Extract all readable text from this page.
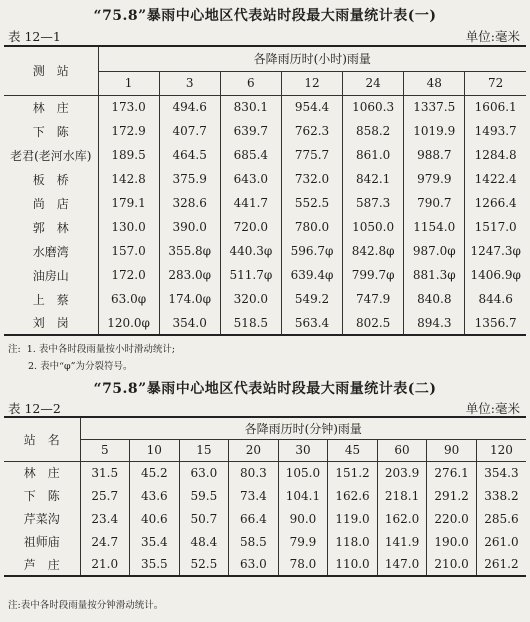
“75.8”暴雨中心地区代表站时段最大雨量统计表(一)
表 12—1	单位:毫米
测　站	各降雨历时(小时)雨量						
	1	3	6	12	24	48	72
林　庄	173.0	494.6	830.1	954.4	1060.3	1337.5	1606.1
下　陈	172.9	407.7	639.7	762.3	858.2	1019.9	1493.7
老君(老河水库)	189.5	464.5	685.4	775.7	861.0	988.7	1284.8
板　桥	142.8	375.9	643.0	732.0	842.1	979.9	1422.4
尚　店	179.1	328.6	441.7	552.5	587.3	790.7	1266.4
郭　林	130.0	390.0	720.0	780.0	1050.0	1154.0	1517.0
水磨湾	157.0	355.8φ	440.3φ	596.7φ	842.8φ	987.0φ	1247.3φ
油房山	172.0	283.0φ	511.7φ	639.4φ	799.7φ	881.3φ	1406.9φ
上　蔡	63.0φ	174.0φ	320.0	549.2	747.9	840.8	844.6
刘　岗	120.0φ	354.0	518.5	563.4	802.5	894.3	1356.7
注:  1. 表中各时段雨量按小时滑动统计;
2. 表中“φ”为分裂符号。
“75.8”暴雨中心地区代表站时段最大雨量统计表(二)
表 12—2	单位:毫米
站　名	各降雨历时(分钟)雨量								
	5	10	15	20	30	45	60	90	120
林　庄	31.5	45.2	63.0	80.3	105.0	151.2	203.9	276.1	354.3
下　陈	25.7	43.6	59.5	73.4	104.1	162.6	218.1	291.2	338.2
芹菜沟	23.4	40.6	50.7	66.4	90.0	119.0	162.0	220.0	285.6
祖师庙	24.7	35.4	48.4	58.5	79.9	118.0	141.9	190.0	261.0
芦　庄	21.0	35.5	52.5	63.0	78.0	110.0	147.0	210.0	261.2
注:表中各时段雨量按分钟滑动统计。
